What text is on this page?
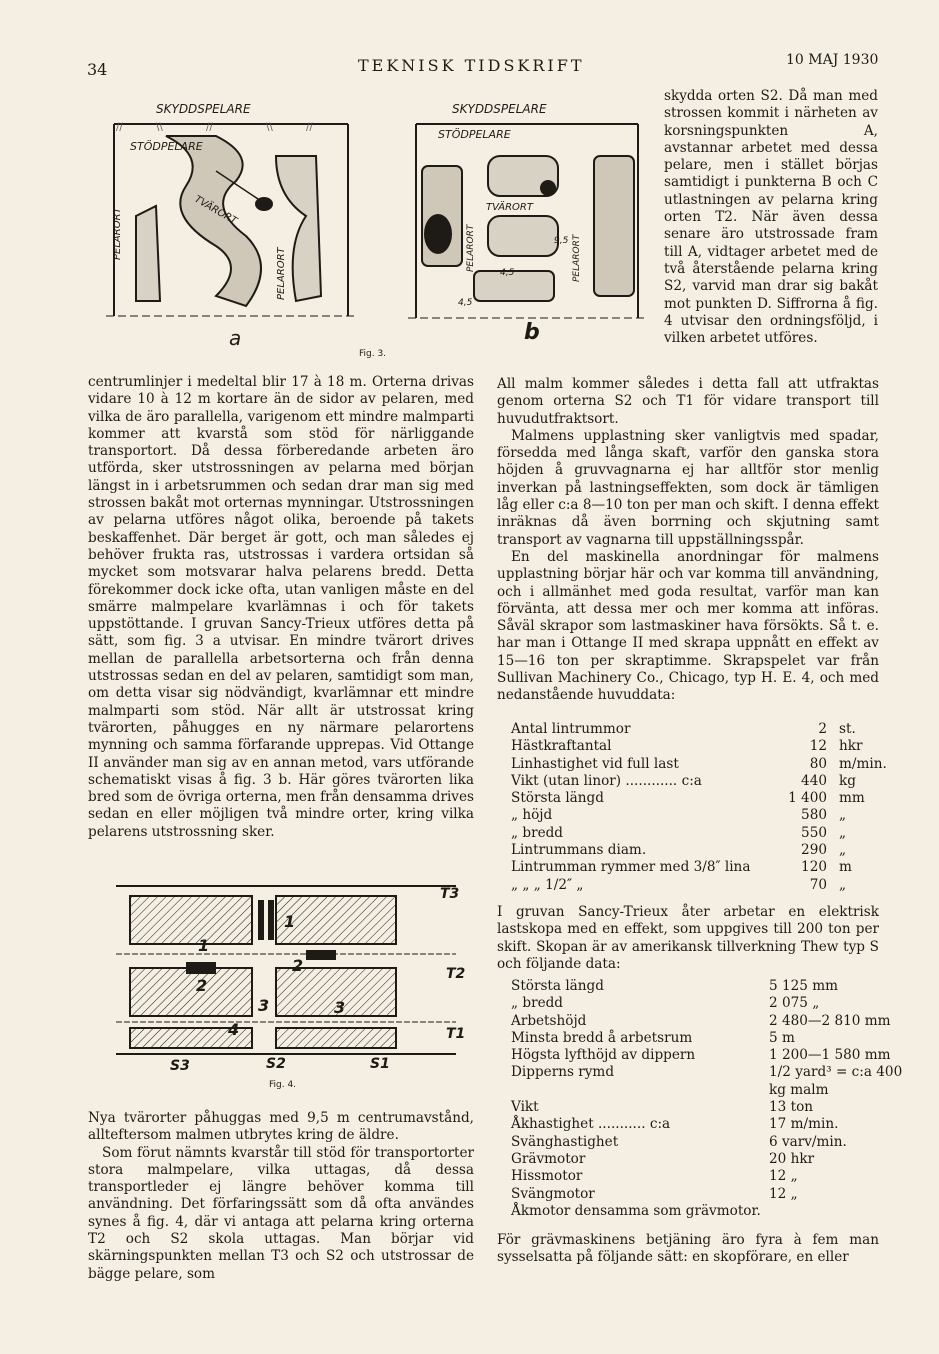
34	TEKNISK TIDSKRIFT	10 MAJ 1930
//	\\	//	\\	//
SKYDDSPELARE
STÖDPELARE
TVÄRORT
PELARORT
PELARORT
a
SKYDDSPELARE
STÖDPELARE
TVÄRORT
PELARORT	PELARORT
9,5
4,5
4,5
b
Fig. 3.

centrumlinjer i medeltal blir 17 à 18 m. Orterna drivas vidare 10 à 12 m kortare än de sidor av pelaren, med vilka de äro parallella, varigenom ett mindre malmparti kommer att kvarstå som stöd för närliggande transportort. Då dessa förberedande arbeten äro utförda, sker utstrossningen av pelarna med början längst in i arbetsrummen och sedan drar man sig med strossen bakåt mot orternas mynningar. Utstrossningen av pelarna utföres något olika, beroende på takets beskaffenhet. Där berget är gott, och man således ej behöver frukta ras, utstrossas i vardera ortsidan så mycket som motsvarar halva pelarens bredd. Detta förekommer dock icke ofta, utan vanligen måste en del smärre malmpelare kvarlämnas i och för takets uppstöttande. I gruvan Sancy-Trieux utföres detta på sätt, som fig. 3 a utvisar. En mindre tvärort drives mellan de parallella arbetsorterna och från denna utstrossas sedan en del av pelaren, samtidigt som man, om detta visar sig nödvändigt, kvarlämnar ett mindre malmparti som stöd. När allt är utstrossat kring tvärorten, påhugges en ny närmare pelarortens mynning och samma förfarande upprepas. Vid Ottange II använder man sig av en annan metod, vars utförande schematiskt visas å fig. 3 b. Här göres tvärorten lika bred som de övriga orterna, men från densamma drives sedan en eller möjligen två mindre orter, kring vilka pelarens utstrossning sker.

T3
T2
T1
S3	S2	S1
1
2
1
2
3	3
4
Fig. 4.

Nya tvärorter påhuggas med 9,5 m centrumavstånd, allteftersom malmen utbrytes kring de äldre.

Som förut nämnts kvarstår till stöd för transportorter stora malmpelare, vilka uttagas, då dessa transportleder ej längre behöver komma till användning. Det förfaringssätt som då ofta användes synes å fig. 4, där vi antaga att pelarna kring orterna T2 och S2 skola uttagas. Man börjar vid skärningspunkten mellan T3 och S2 och utstrossar de bägge pelare, som

skydda orten S2. Då man med strossen kommit i närheten av korsningspunkten A, avstannar arbetet med dessa pelare, men i stället börjas samtidigt i punkterna B och C utlastningen av pelarna kring orten T2. När även dessa senare äro utstrossade fram till A, vidtager arbetet med de två återstående pelarna kring S2, varvid man drar sig bakåt mot punkten D. Siffrorna å fig. 4 utvisar den ordningsföljd, i vilken arbetet utföres.

All malm kommer således i detta fall att utfraktas genom orterna S2 och T1 för vidare transport till huvudutfraktsort.

Malmens upplastning sker vanligtvis med spadar, försedda med långa skaft, varför den ganska stora höjden å gruvvagnarna ej har alltför stor menlig inverkan på lastningseffekten, som dock är tämligen låg eller c:a 8—10 ton per man och skift. I denna effekt inräknas då även borrning och skjutning samt transport av vagnarna till uppställningsspår.

En del maskinella anordningar för malmens upplastning börjar här och var komma till användning, och i allmänhet med goda resultat, varför man kan förvänta, att dessa mer och mer komma att införas. Såväl skrapor som lastmaskiner hava försökts. Så t. e. har man i Ottange II med skrapa uppnått en effekt av 15—16 ton per skraptimme. Skrapspelet var från Sullivan Machinery Co., Chicago, typ H. E. 4, och med nedanstående huvuddata:

Antal lintrummor	2	st.
Hästkraftantal	12	hkr
Linhastighet vid full last	80	m/min.
Vikt (utan linor) ............ c:a	440	kg
Största längd	1 400	mm
„ höjd	580	„
„ bredd	550	„
Lintrummans diam.	290	„
Lintrumman rymmer med 3/8″ lina	120	m
„ „ „ 1/2″ „	70	„

I gruvan Sancy-Trieux åter arbetar en elektrisk lastskopa med en effekt, som uppgives till 200 ton per skift. Skopan är av amerikansk tillverkning Thew typ S och följande data:

Största längd	5 125 mm
„ bredd	2 075 „
Arbetshöjd	2 480—2 810 mm
Minsta bredd å arbetsrum	5 m
Högsta lyfthöjd av dippern	1 200—1 580 mm
Dipperns rymd	1/2 yard³ = c:a 400
	kg malm
Vikt	13 ton
Åkhastighet ........... c:a	17 m/min.
Svänghastighet	6 varv/min.
Grävmotor	20 hkr
Hissmotor	12 „
Svängmotor	12 „
Åkmotor densamma som grävmotor.	

För grävmaskinens betjäning äro fyra à fem man sysselsatta på följande sätt: en skopförare, en eller
